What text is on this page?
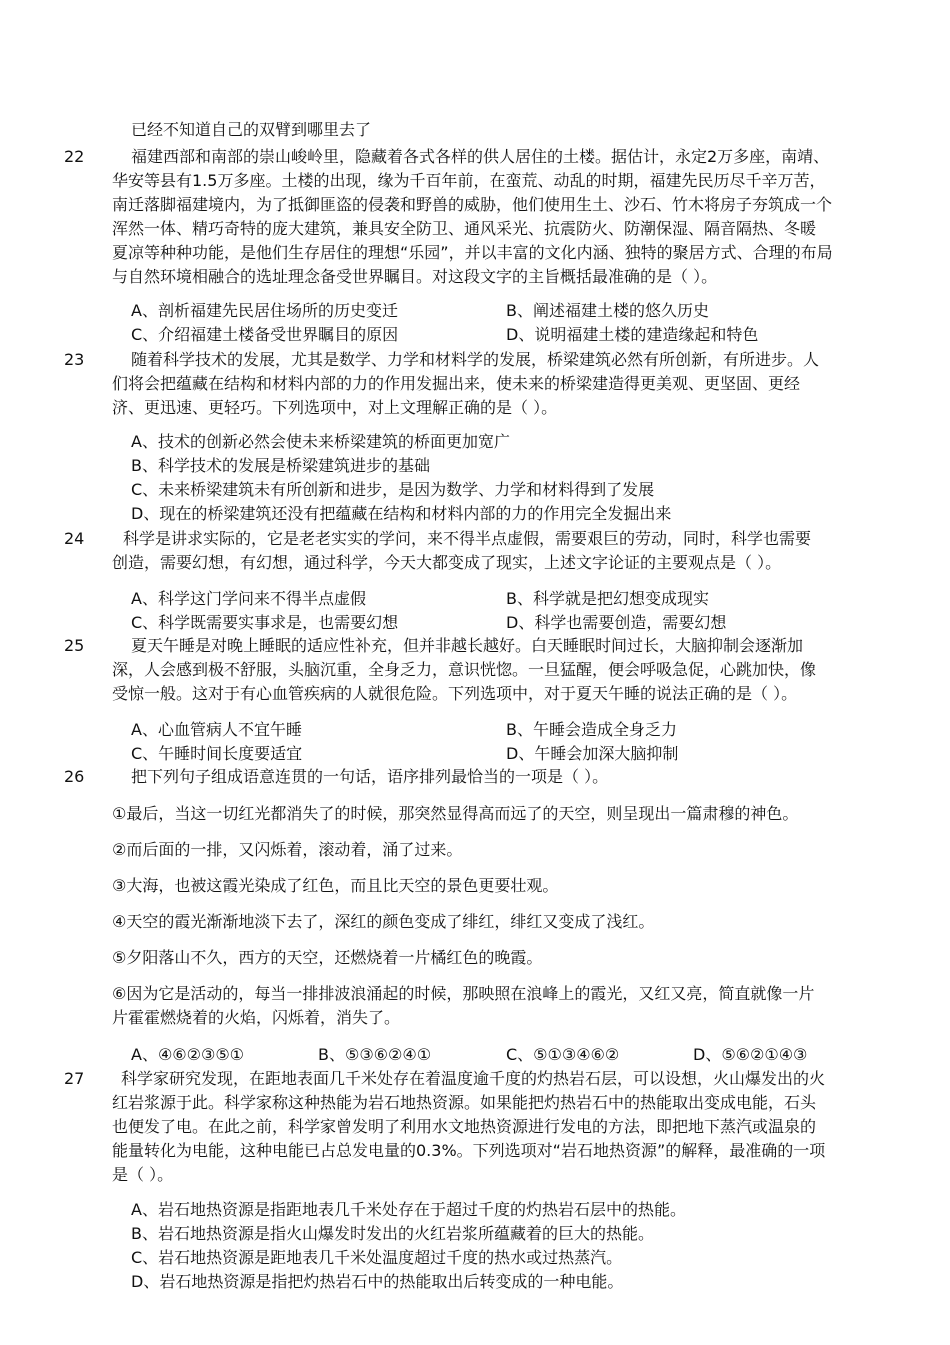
已经不知道自己的双臂到哪里去了
22	福建西部和南部的崇山峻岭里，隐藏着各式各样的供人居住的土楼。据估计，永定2万多座，南靖、
华安等县有1.5万多座。土楼的出现，缘为千百年前，在蛮荒、动乱的时期，福建先民历尽千辛万苦，
南迁落脚福建境内，为了抵御匪盗的侵袭和野兽的威胁，他们使用生土、沙石、竹木将房子夯筑成一个
浑然一体、精巧奇特的庞大建筑，兼具安全防卫、通风采光、抗震防火、防潮保湿、隔音隔热、冬暖
夏凉等种种功能，是他们生存居住的理想“乐园”，并以丰富的文化内涵、独特的聚居方式、合理的布局
与自然环境相融合的选址理念备受世界瞩目。对这段文字的主旨概括最准确的是（ ）。
A、剖析福建先民居住场所的历史变迁	B、阐述福建土楼的悠久历史
C、介绍福建土楼备受世界瞩目的原因	D、说明福建土楼的建造缘起和特色
23	随着科学技术的发展，尤其是数学、力学和材料学的发展，桥梁建筑必然有所创新，有所进步。人
们将会把蕴藏在结构和材料内部的力的作用发掘出来，使未来的桥梁建造得更美观、更坚固、更经
济、更迅速、更轻巧。下列选项中，对上文理解正确的是（ ）。
A、技术的创新必然会使未来桥梁建筑的桥面更加宽广
B、科学技术的发展是桥梁建筑进步的基础
C、未来桥梁建筑未有所创新和进步，是因为数学、力学和材料得到了发展
D、现在的桥梁建筑还没有把蕴藏在结构和材料内部的力的作用完全发掘出来
24 科学是讲求实际的，它是老老实实的学问，来不得半点虚假，需要艰巨的劳动，同时，科学也需要
创造，需要幻想，有幻想，通过科学，今天大都变成了现实，上述文字论证的主要观点是（ ）。
A、科学这门学问来不得半点虚假	B、科学就是把幻想变成现实
C、科学既需要实事求是，也需要幻想	D、科学也需要创造，需要幻想
25	夏天午睡是对晚上睡眠的适应性补充，但并非越长越好。白天睡眠时间过长，大脑抑制会逐渐加
深，人会感到极不舒服，头脑沉重，全身乏力，意识恍惚。一旦猛醒，便会呼吸急促，心跳加快，像
受惊一般。这对于有心血管疾病的人就很危险。下列选项中，对于夏天午睡的说法正确的是（ ）。
A、心血管病人不宜午睡	B、午睡会造成全身乏力
C、午睡时间长度要适宜	D、午睡会加深大脑抑制
26	把下列句子组成语意连贯的一句话，语序排列最恰当的一项是（ ）。
①最后，当这一切红光都消失了的时候，那突然显得高而远了的天空，则呈现出一篇肃穆的神色。
②而后面的一排，又闪烁着，滚动着，涌了过来。
③大海，也被这霞光染成了红色，而且比天空的景色更要壮观。
④天空的霞光渐渐地淡下去了，深红的颜色变成了绯红，绯红又变成了浅红。
⑤夕阳落山不久，西方的天空，还燃烧着一片橘红色的晚霞。
⑥因为它是活动的，每当一排排波浪涌起的时候，那映照在浪峰上的霞光，又红又亮，简直就像一片
片霍霍燃烧着的火焰，闪烁着，消失了。
A、④⑥②③⑤①	B、⑤③⑥②④①	C、⑤①③④⑥②	D、⑤⑥②①④③
27 科学家研究发现，在距地表面几千米处存在着温度逾千度的灼热岩石层，可以设想，火山爆发出的火
红岩浆源于此。科学家称这种热能为岩石地热资源。如果能把灼热岩石中的热能取出变成电能，石头
也便发了电。在此之前，科学家曾发明了利用水文地热资源进行发电的方法，即把地下蒸汽或温泉的
能量转化为电能，这种电能已占总发电量的0.3%。下列选项对“岩石地热资源”的解释，最准确的一项
是（ ）。
A、岩石地热资源是指距地表几千米处存在于超过千度的灼热岩石层中的热能。
B、岩石地热资源是指火山爆发时发出的火红岩浆所蕴藏着的巨大的热能。
C、岩石地热资源是距地表几千米处温度超过千度的热水或过热蒸汽。
D、岩石地热资源是指把灼热岩石中的热能取出后转变成的一种电能。
